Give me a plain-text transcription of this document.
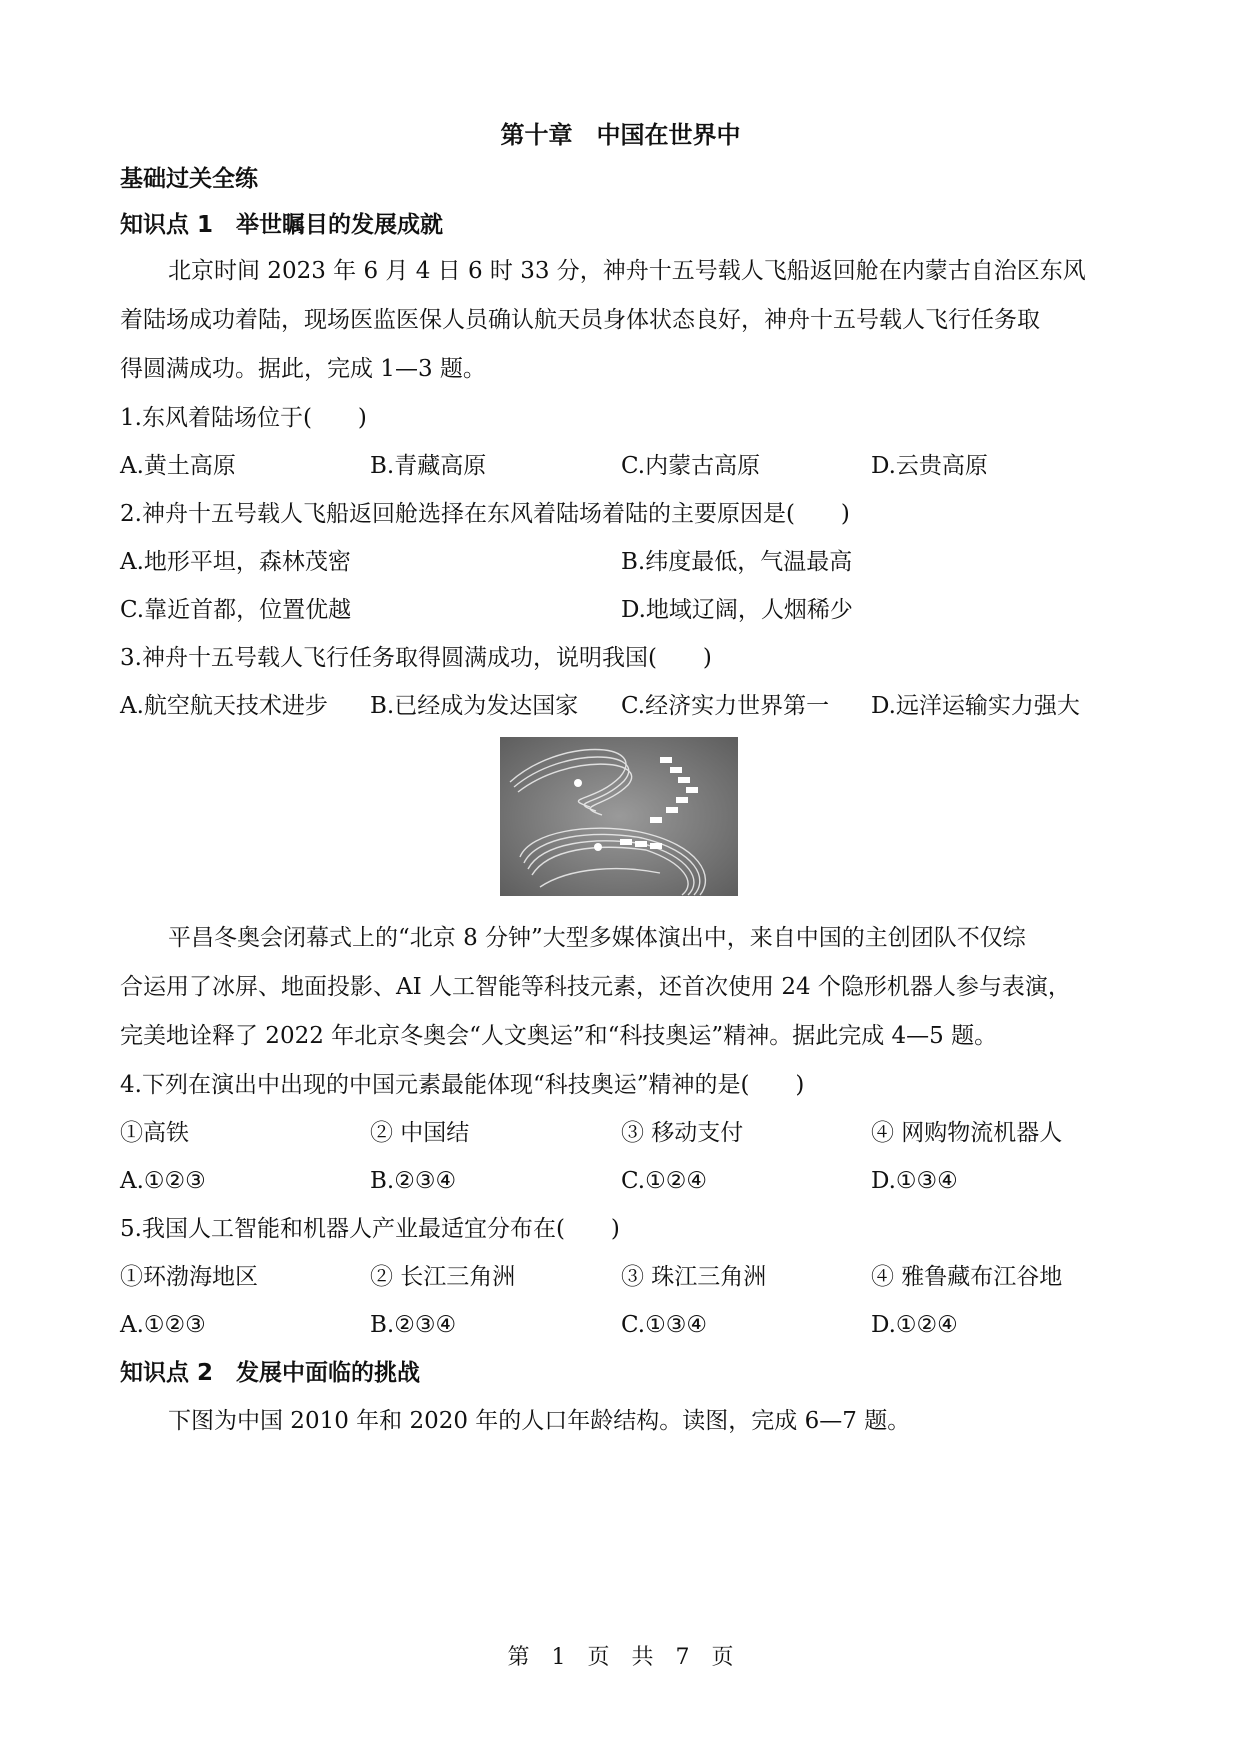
第十章　中国在世界中
基础过关全练
知识点 1　举世瞩目的发展成就
北京时间 2023 年 6 月 4 日 6 时 33 分，神舟十五号载人飞船返回舱在内蒙古自治区东风
着陆场成功着陆，现场医监医保人员确认航天员身体状态良好，神舟十五号载人飞行任务取
得圆满成功。据此，完成 1—3 题。
1.东风着陆场位于(　　)
A.黄土高原	B.青藏高原	C.内蒙古高原	D.云贵高原
2.神舟十五号载人飞船返回舱选择在东风着陆场着陆的主要原因是(　　)
A.地形平坦，森林茂密	B.纬度最低，气温最高
C.靠近首都，位置优越	D.地域辽阔，人烟稀少
3.神舟十五号载人飞行任务取得圆满成功，说明我国(　　)
A.航空航天技术进步 B.已经成为发达国家 C.经济实力世界第一 D.远洋运输实力强大
平昌冬奥会闭幕式上的“北京 8 分钟”大型多媒体演出中，来自中国的主创团队不仅综
合运用了冰屏、地面投影、AI 人工智能等科技元素，还首次使用 24 个隐形机器人参与表演，
完美地诠释了 2022 年北京冬奥会“人文奥运”和“科技奥运”精神。据此完成 4—5 题。
4.下列在演出中出现的中国元素最能体现“科技奥运”精神的是(　　)
①高铁	② 中国结	③ 移动支付	④ 网购物流机器人
A.①②③	B.②③④	C.①②④	D.①③④
5.我国人工智能和机器人产业最适宜分布在(　　)
①环渤海地区	② 长江三角洲	③ 珠江三角洲	④ 雅鲁藏布江谷地
A.①②③	B.②③④	C.①③④	D.①②④
知识点 2　发展中面临的挑战
下图为中国 2010 年和 2020 年的人口年龄结构。读图，完成 6—7 题。
第　1　页　共　7　页
